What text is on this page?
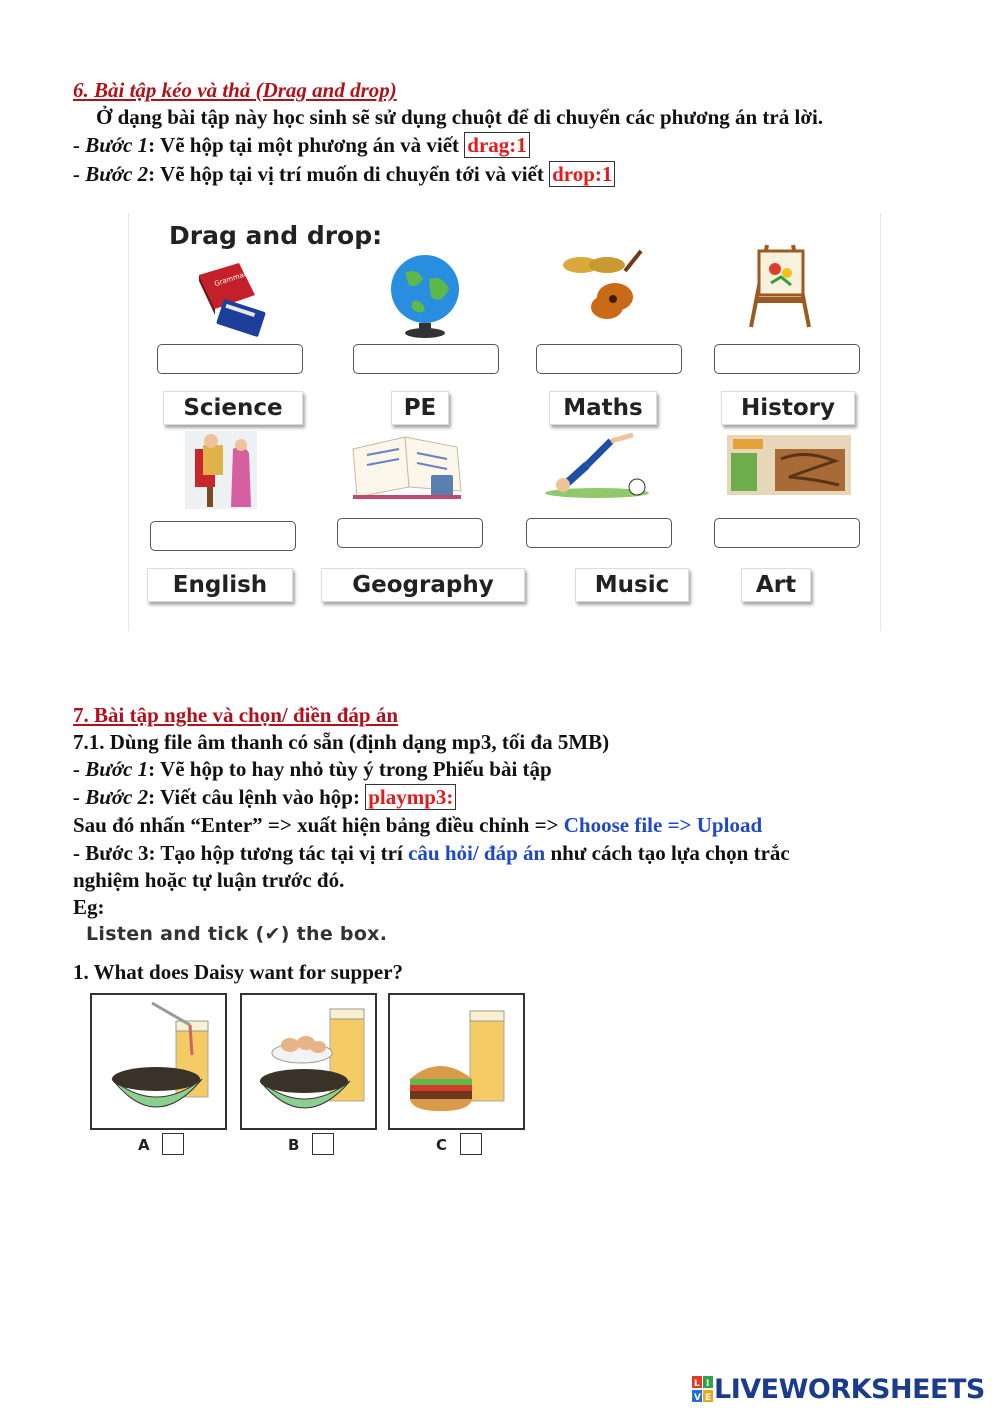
6. Bài tập kéo và thả (Drag and drop)
Ở dạng bài tập này học sinh sẽ sử dụng chuột để di chuyển các phương án trả lời.
- Bước 1: Vẽ hộp tại một phương án và viết drag:1
- Bước 2: Vẽ hộp tại vị trí muốn di chuyển tới và viết drop:1
Drag and drop:
Grammar
Science	PE	Maths	History
English	Geography	Music	Art
7. Bài tập nghe và chọn/ điền đáp án
7.1. Dùng file âm thanh có sẵn (định dạng mp3, tối đa 5MB)
- Bước 1: Vẽ hộp to hay nhỏ tùy ý trong Phiếu bài tập
- Bước 2: Viết câu lệnh vào hộp: playmp3:
Sau đó nhấn “Enter” => xuất hiện bảng điều chỉnh => Choose file => Upload
- Bước 3: Tạo hộp tương tác tại vị trí câu hỏi/ đáp án như cách tạo lựa chọn trắc
nghiệm hoặc tự luận trước đó.
Eg:
Listen and tick (✔) the box.
1. What does Daisy want for supper?
A	B	C
L I
V E LIVEWORKSHEETS
